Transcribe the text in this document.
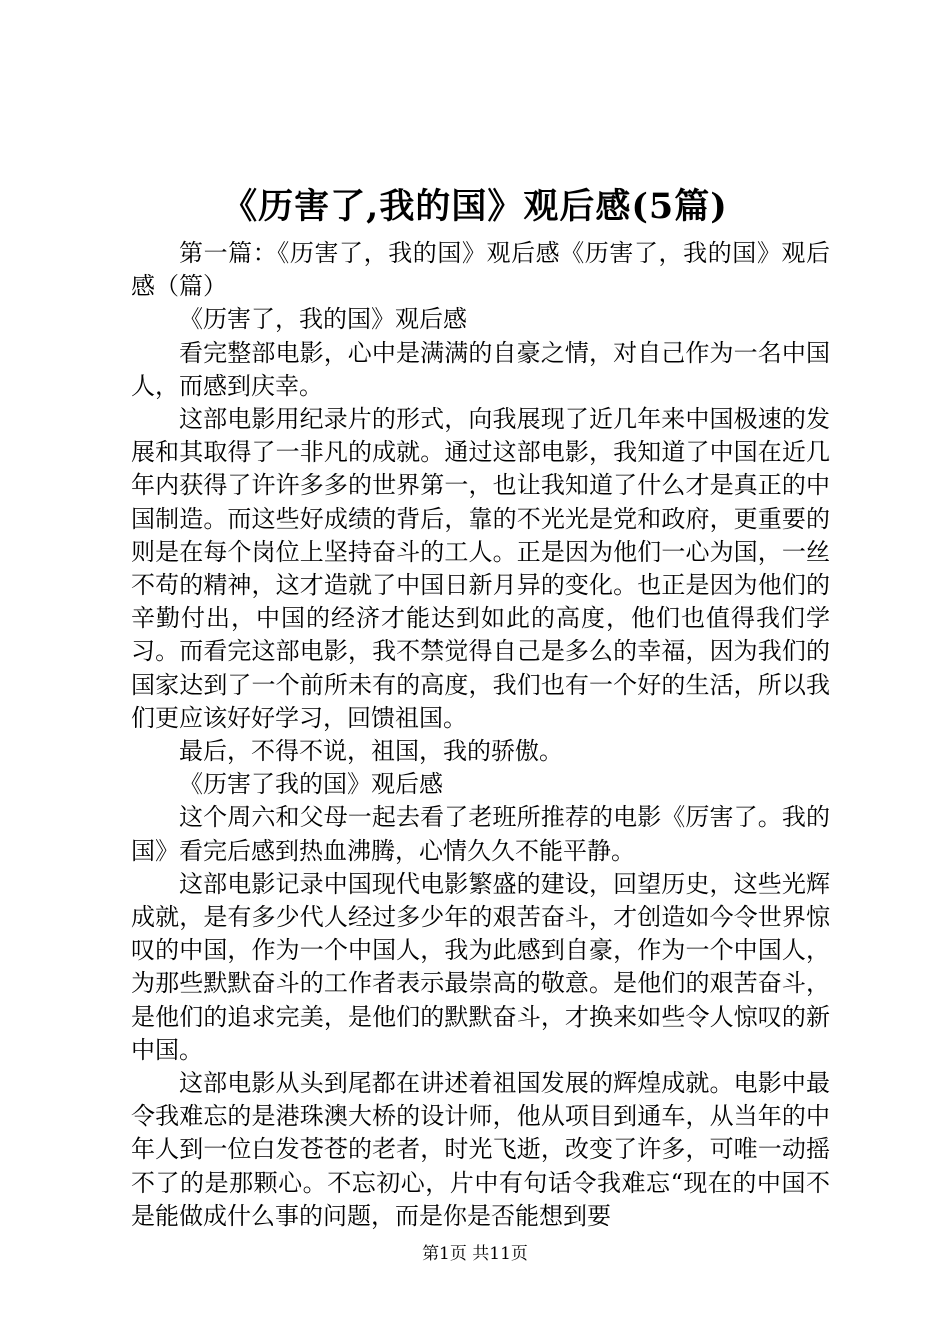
《历害了,我的国》观后感(5篇)

第一篇：《历害了，我的国》观后感《历害了，我的国》观后感（篇）

《历害了，我的国》观后感

看完整部电影，心中是满满的自豪之情，对自己作为一名中国人，而感到庆幸。

这部电影用纪录片的形式，向我展现了近几年来中国极速的发展和其取得了一非凡的成就。通过这部电影，我知道了中国在近几年内获得了许许多多的世界第一，也让我知道了什么才是真正的中国制造。而这些好成绩的背后，靠的不光光是党和政府，更重要的则是在每个岗位上坚持奋斗的工人。正是因为他们一心为国，一丝不苟的精神，这才造就了中国日新月异的变化。也正是因为他们的辛勤付出，中国的经济才能达到如此的高度，他们也值得我们学习。而看完这部电影，我不禁觉得自己是多么的幸福，因为我们的国家达到了一个前所未有的高度，我们也有一个好的生活，所以我们更应该好好学习，回馈祖国。

最后，不得不说，祖国，我的骄傲。

《历害了我的国》观后感

这个周六和父母一起去看了老班所推荐的电影《厉害了。我的国》看完后感到热血沸腾，心情久久不能平静。

这部电影记录中国现代电影繁盛的建设，回望历史，这些光辉成就，是有多少代人经过多少年的艰苦奋斗，才创造如今令世界惊叹的中国，作为一个中国人，我为此感到自豪，作为一个中国人，为那些默默奋斗的工作者表示最崇高的敬意。是他们的艰苦奋斗，是他们的追求完美，是他们的默默奋斗，才换来如些令人惊叹的新中国。

这部电影从头到尾都在讲述着祖国发展的辉煌成就。电影中最令我难忘的是港珠澳大桥的设计师，他从项目到通车，从当年的中年人到一位白发苍苍的老者，时光飞逝，改变了许多，可唯一动摇不了的是那颗心。不忘初心，片中有句话令我难忘“现在的中国不是能做成什么事的问题，而是你是否能想到要

第1页 共11页
